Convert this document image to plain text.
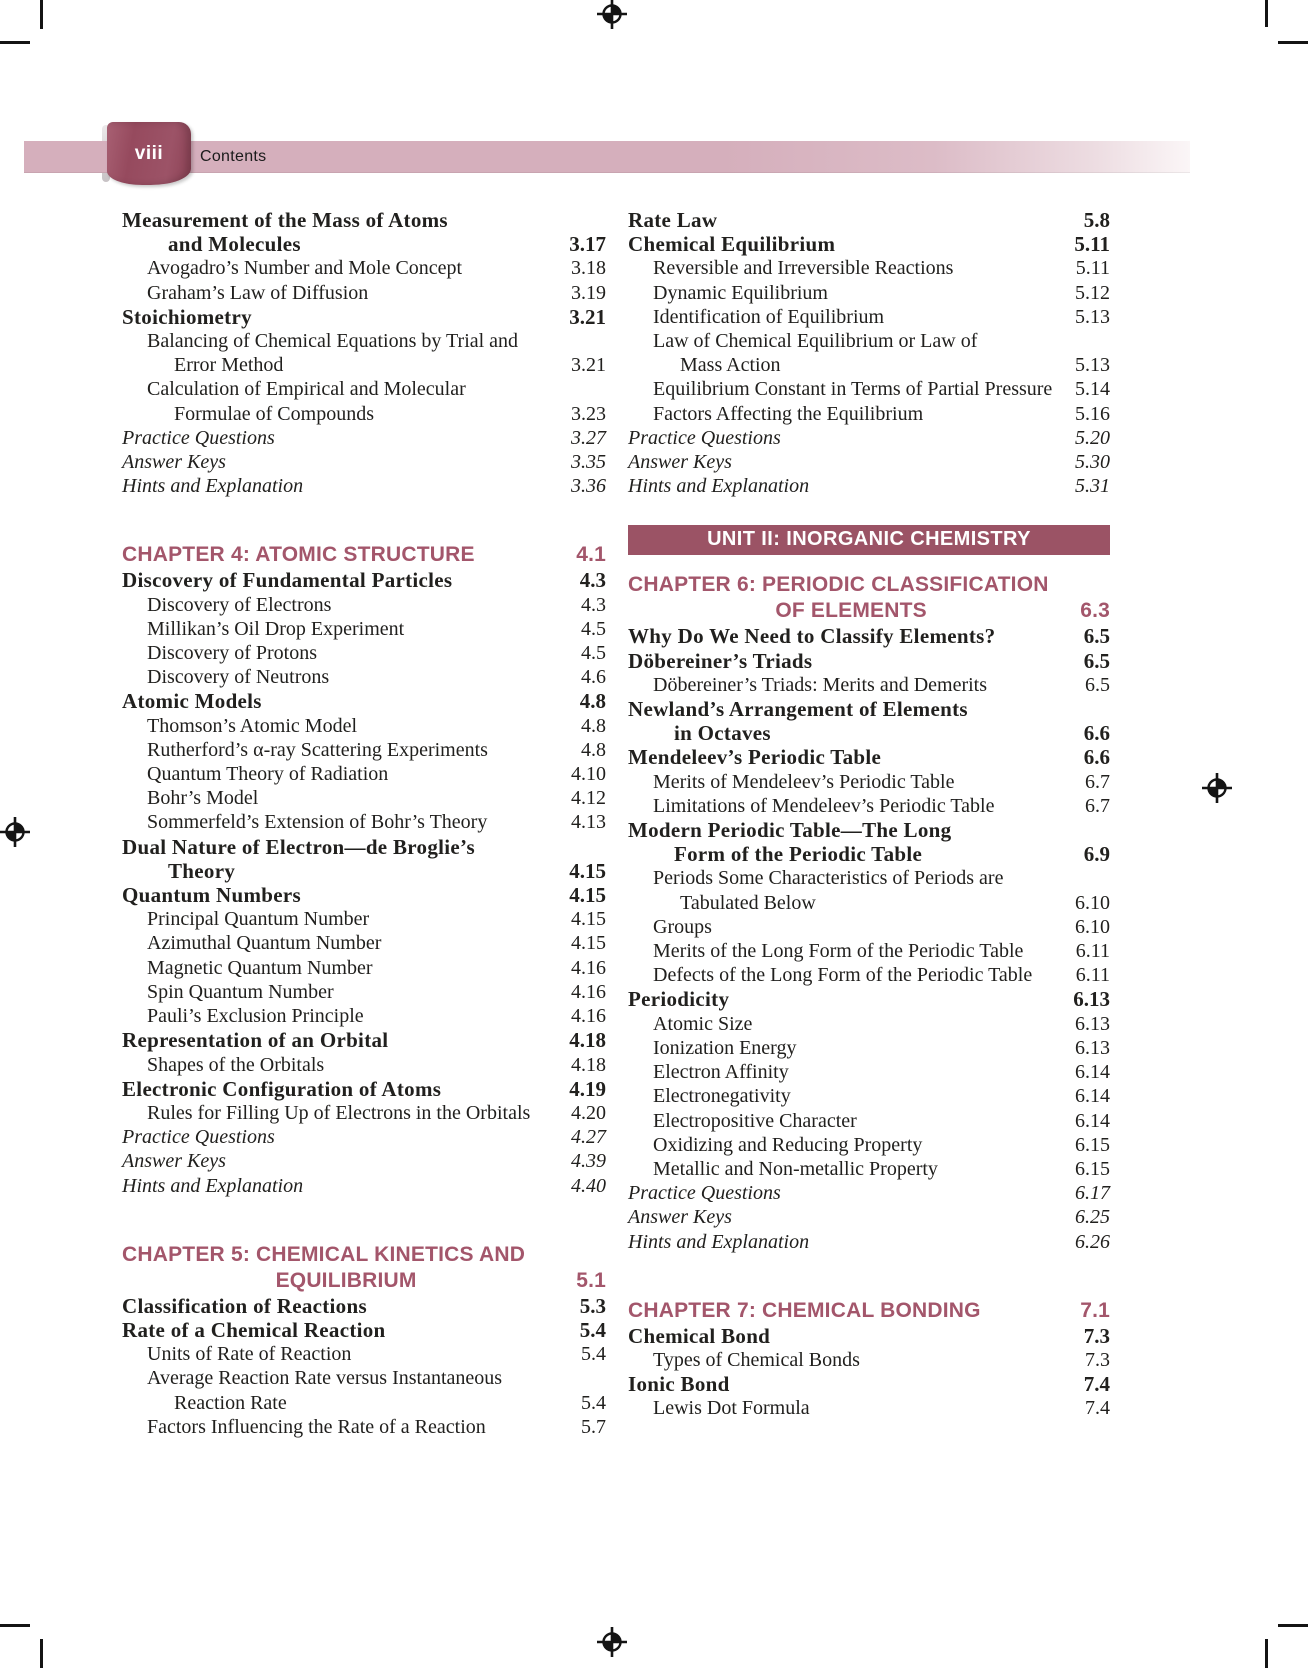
viii Contents
Measurement of the Mass of Atoms
and Molecules	3.17
Avogadro’s Number and Mole Concept	3.18
Graham’s Law of Diffusion	3.19
Stoichiometry	3.21
Balancing of Chemical Equations by Trial and
Error Method	3.21
Calculation of Empirical and Molecular
Formulae of Compounds	3.23
Practice Questions	3.27
Answer Keys	3.35
Hints and Explanation	3.36
CHAPTER 4: ATOMIC STRUCTURE	4.1
Discovery of Fundamental Particles	4.3
Discovery of Electrons	4.3
Millikan’s Oil Drop Experiment	4.5
Discovery of Protons	4.5
Discovery of Neutrons	4.6
Atomic Models	4.8
Thomson’s Atomic Model	4.8
Rutherford’s α-ray Scattering Experiments	4.8
Quantum Theory of Radiation	4.10
Bohr’s Model	4.12
Sommerfeld’s Extension of Bohr’s Theory	4.13
Dual Nature of Electron—de Broglie’s
Theory	4.15
Quantum Numbers	4.15
Principal Quantum Number	4.15
Azimuthal Quantum Number	4.15
Magnetic Quantum Number	4.16
Spin Quantum Number	4.16
Pauli’s Exclusion Principle	4.16
Representation of an Orbital	4.18
Shapes of the Orbitals	4.18
Electronic Configuration of Atoms	4.19
Rules for Filling Up of Electrons in the Orbitals	4.20
Practice Questions	4.27
Answer Keys	4.39
Hints and Explanation	4.40
CHAPTER 5: CHEMICAL KINETICS AND
EQUILIBRIUM	5.1
Classification of Reactions	5.3
Rate of a Chemical Reaction	5.4
Units of Rate of Reaction	5.4
Average Reaction Rate versus Instantaneous
Reaction Rate	5.4
Factors Influencing the Rate of a Reaction	5.7
Rate Law	5.8
Chemical Equilibrium	5.11
Reversible and Irreversible Reactions	5.11
Dynamic Equilibrium	5.12
Identification of Equilibrium	5.13
Law of Chemical Equilibrium or Law of
Mass Action	5.13
Equilibrium Constant in Terms of Partial Pressure	5.14
Factors Affecting the Equilibrium	5.16
Practice Questions	5.20
Answer Keys	5.30
Hints and Explanation	5.31
UNIT II: INORGANIC CHEMISTRY
CHAPTER 6: PERIODIC CLASSIFICATION
OF ELEMENTS	6.3
Why Do We Need to Classify Elements?	6.5
Döbereiner’s Triads	6.5
Döbereiner’s Triads: Merits and Demerits	6.5
Newland’s Arrangement of Elements
in Octaves	6.6
Mendeleev’s Periodic Table	6.6
Merits of Mendeleev’s Periodic Table	6.7
Limitations of Mendeleev’s Periodic Table	6.7
Modern Periodic Table—The Long
Form of the Periodic Table	6.9
Periods Some Characteristics of Periods are
Tabulated Below	6.10
Groups	6.10
Merits of the Long Form of the Periodic Table	6.11
Defects of the Long Form of the Periodic Table	6.11
Periodicity	6.13
Atomic Size	6.13
Ionization Energy	6.13
Electron Affinity	6.14
Electronegativity	6.14
Electropositive Character	6.14
Oxidizing and Reducing Property	6.15
Metallic and Non-metallic Property	6.15
Practice Questions	6.17
Answer Keys	6.25
Hints and Explanation	6.26
CHAPTER 7: CHEMICAL BONDING	7.1
Chemical Bond	7.3
Types of Chemical Bonds	7.3
Ionic Bond	7.4
Lewis Dot Formula	7.4
